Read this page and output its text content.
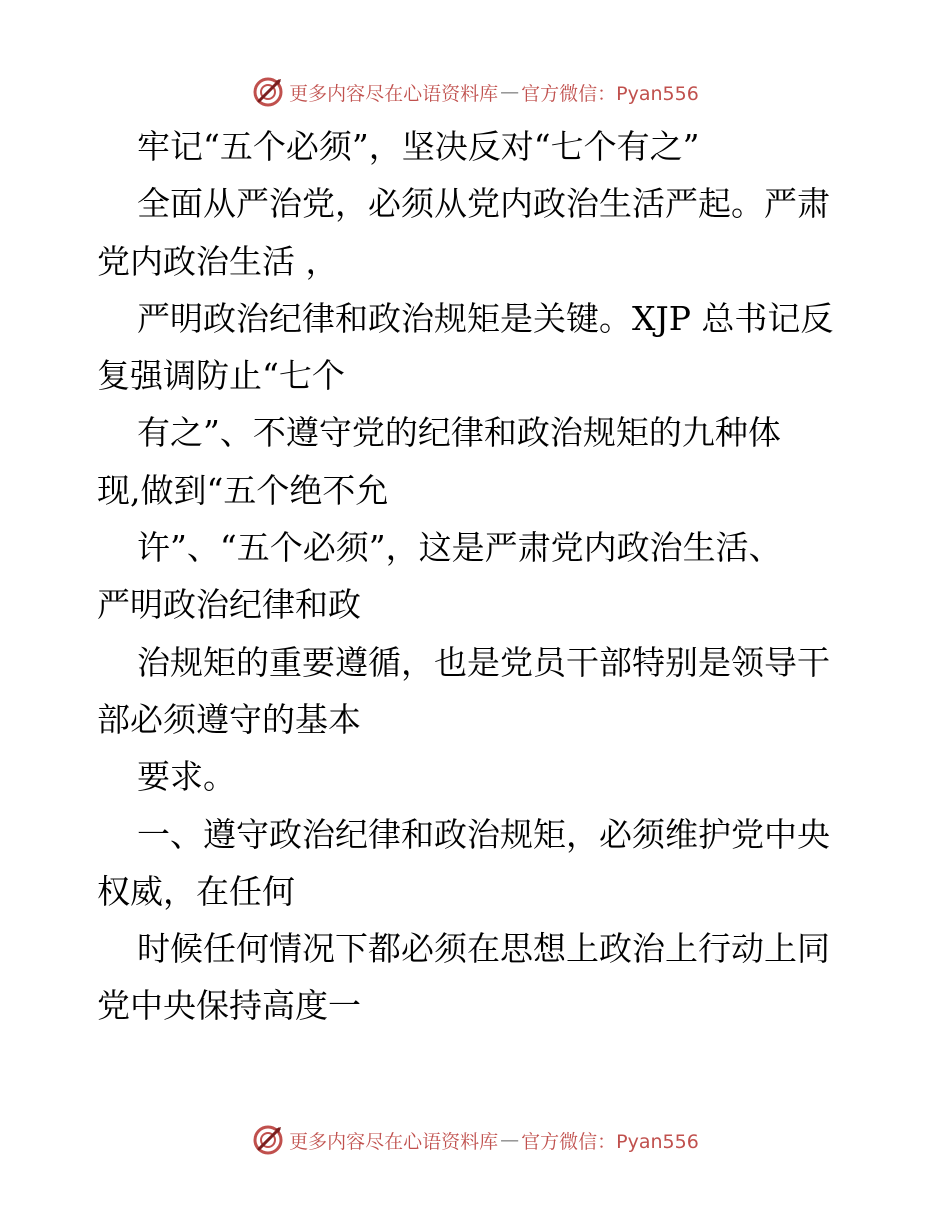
更多内容尽在心语资料库 — 官方微信：Pyan556
牢记“五个必须”，坚决反对“七个有之”
全面从严治党，必须从党内政治生活严起。严肃
党内政治生活 ，
严明政治纪律和政治规矩是关键。XJP 总书记反
复强调防止“七个
有之”、不遵守党的纪律和政治规矩的九种体
现,做到“五个绝不允
许”、“五个必须”，这是严肃党内政治生活、
严明政治纪律和政
治规矩的重要遵循，也是党员干部特别是领导干
部必须遵守的基本
要求。
一、遵守政治纪律和政治规矩，必须维护党中央
权威，在任何
时候任何情况下都必须在思想上政治上行动上同
党中央保持高度一
更多内容尽在心语资料库 — 官方微信：Pyan556
